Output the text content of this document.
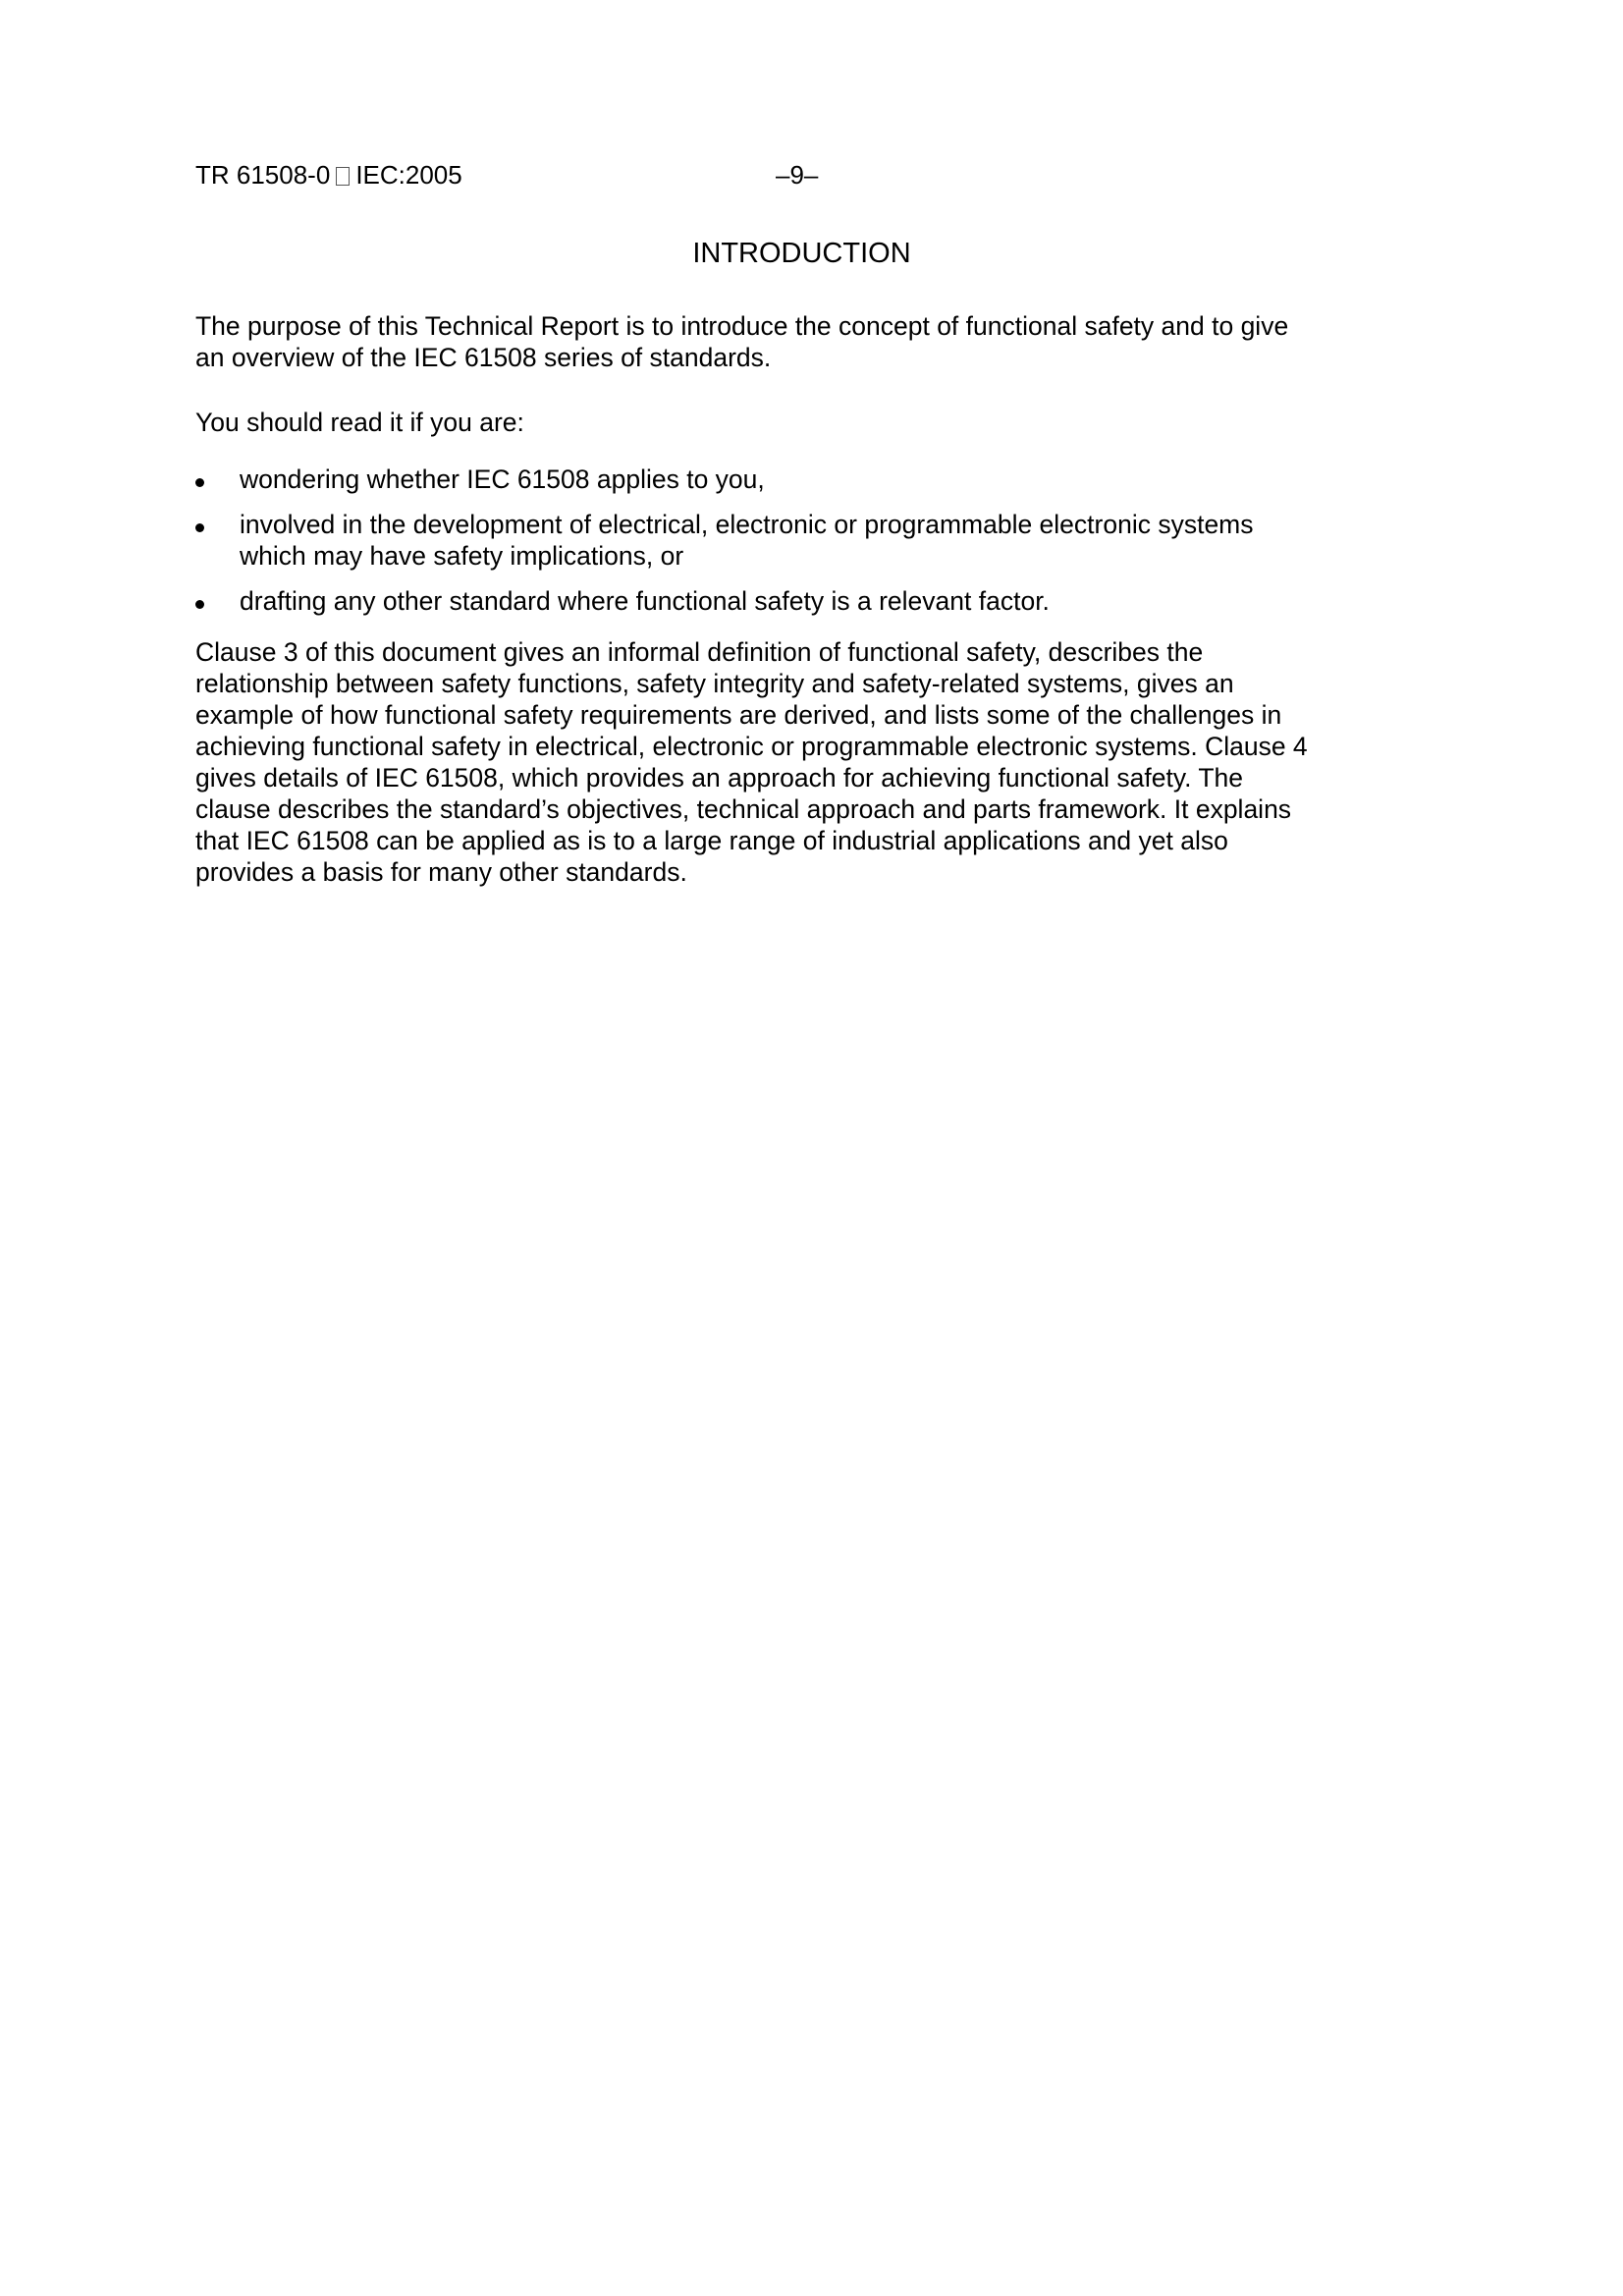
TR 61508-0 IEC:2005	–9–
INTRODUCTION

The purpose of this Technical Report is to introduce the concept of functional safety and to give an overview of the IEC 61508 series of standards.

You should read it if you are:

wondering whether IEC 61508 applies to you,
involved in the development of electrical, electronic or programmable electronic systems which may have safety implications, or
drafting any other standard where functional safety is a relevant factor.

Clause 3 of this document gives an informal definition of functional safety, describes the relationship between safety functions, safety integrity and safety-related systems, gives an example of how functional safety requirements are derived, and lists some of the challenges in achieving functional safety in electrical, electronic or programmable electronic systems. Clause 4 gives details of IEC 61508, which provides an approach for achieving functional safety. The clause describes the standard’s objectives, technical approach and parts framework. It explains that IEC 61508 can be applied as is to a large range of industrial applications and yet also provides a basis for many other standards.
